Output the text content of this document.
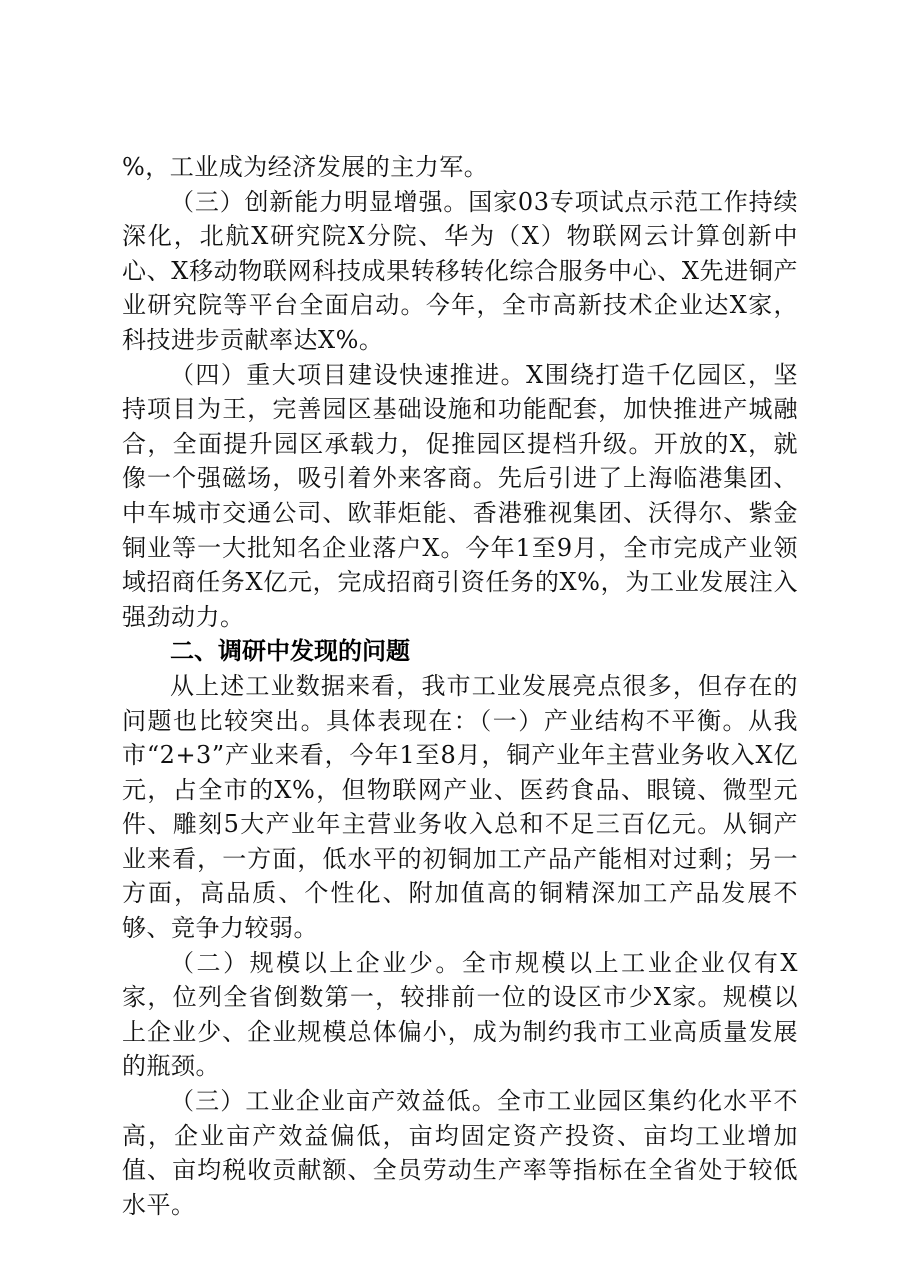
%，工业成为经济发展的主力军。

（三）创新能力明显增强。国家03专项试点示范工作持续深化，北航X研究院X分院、华为（X）物联网云计算创新中心、X移动物联网科技成果转移转化综合服务中心、X先进铜产业研究院等平台全面启动。今年，全市高新技术企业达X家，科技进步贡献率达X%。

（四）重大项目建设快速推进。X围绕打造千亿园区，坚持项目为王，完善园区基础设施和功能配套，加快推进产城融合，全面提升园区承载力，促推园区提档升级。开放的X，就像一个强磁场，吸引着外来客商。先后引进了上海临港集团、中车城市交通公司、欧菲炬能、香港雅视集团、沃得尔、紫金铜业等一大批知名企业落户X。今年1至9月，全市完成产业领域招商任务X亿元，完成招商引资任务的X%，为工业发展注入强劲动力。

二、调研中发现的问题

从上述工业数据来看，我市工业发展亮点很多，但存在的问题也比较突出。具体表现在：（一）产业结构不平衡。从我市“2+3”产业来看，今年1至8月，铜产业年主营业务收入X亿元，占全市的X%，但物联网产业、医药食品、眼镜、微型元件、雕刻5大产业年主营业务收入总和不足三百亿元。从铜产业来看，一方面，低水平的初铜加工产品产能相对过剩；另一方面，高品质、个性化、附加值高的铜精深加工产品发展不够、竞争力较弱。

（二）规模以上企业少。全市规模以上工业企业仅有X家，位列全省倒数第一，较排前一位的设区市少X家。规模以上企业少、企业规模总体偏小，成为制约我市工业高质量发展的瓶颈。

（三）工业企业亩产效益低。全市工业园区集约化水平不高，企业亩产效益偏低，亩均固定资产投资、亩均工业增加值、亩均税收贡献额、全员劳动生产率等指标在全省处于较低水平。
